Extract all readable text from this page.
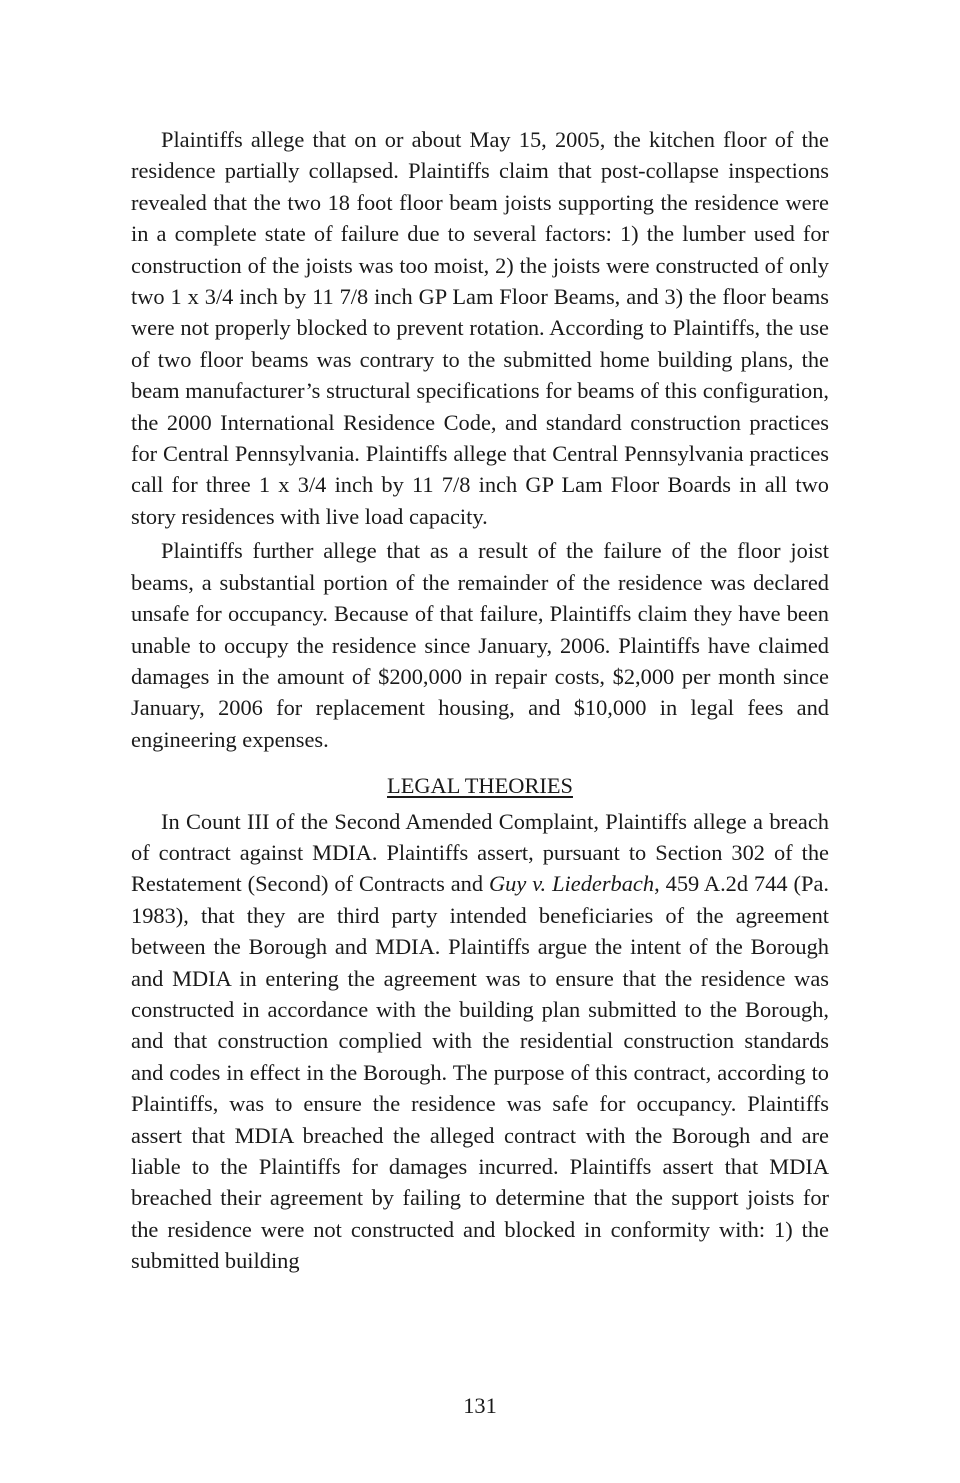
Plaintiffs allege that on or about May 15, 2005, the kitchen floor of the residence partially collapsed. Plaintiffs claim that post-collapse inspections revealed that the two 18 foot floor beam joists supporting the residence were in a complete state of failure due to several factors: 1) the lumber used for construction of the joists was too moist, 2) the joists were constructed of only two 1 x 3/4 inch by 11 7/8 inch GP Lam Floor Beams, and 3) the floor beams were not properly blocked to prevent rotation. According to Plaintiffs, the use of two floor beams was contrary to the submitted home building plans, the beam manufacturer’s structural specifications for beams of this configuration, the 2000 International Residence Code, and standard construction practices for Central Pennsylvania. Plaintiffs allege that Central Pennsylvania practices call for three 1 x 3/4 inch by 11 7/8 inch GP Lam Floor Boards in all two story residences with live load capacity.

Plaintiffs further allege that as a result of the failure of the floor joist beams, a substantial portion of the remainder of the residence was declared unsafe for occupancy. Because of that failure, Plaintiffs claim they have been unable to occupy the residence since January, 2006. Plaintiffs have claimed damages in the amount of $200,000 in repair costs, $2,000 per month since January, 2006 for replacement housing, and $10,000 in legal fees and engineering expenses.

LEGAL THEORIES

In Count III of the Second Amended Complaint, Plaintiffs allege a breach of contract against MDIA. Plaintiffs assert, pursuant to Section 302 of the Restatement (Second) of Contracts and Guy v. Liederbach, 459 A.2d 744 (Pa. 1983), that they are third party intended beneficiaries of the agreement between the Borough and MDIA. Plaintiffs argue the intent of the Borough and MDIA in entering the agreement was to ensure that the residence was constructed in accordance with the building plan submitted to the Borough, and that construction complied with the residential construction standards and codes in effect in the Borough. The purpose of this contract, according to Plaintiffs, was to ensure the residence was safe for occupancy. Plaintiffs assert that MDIA breached the alleged contract with the Borough and are liable to the Plaintiffs for damages incurred. Plaintiffs assert that MDIA breached their agreement by failing to determine that the support joists for the residence were not constructed and blocked in conformity with: 1) the submitted building

131
